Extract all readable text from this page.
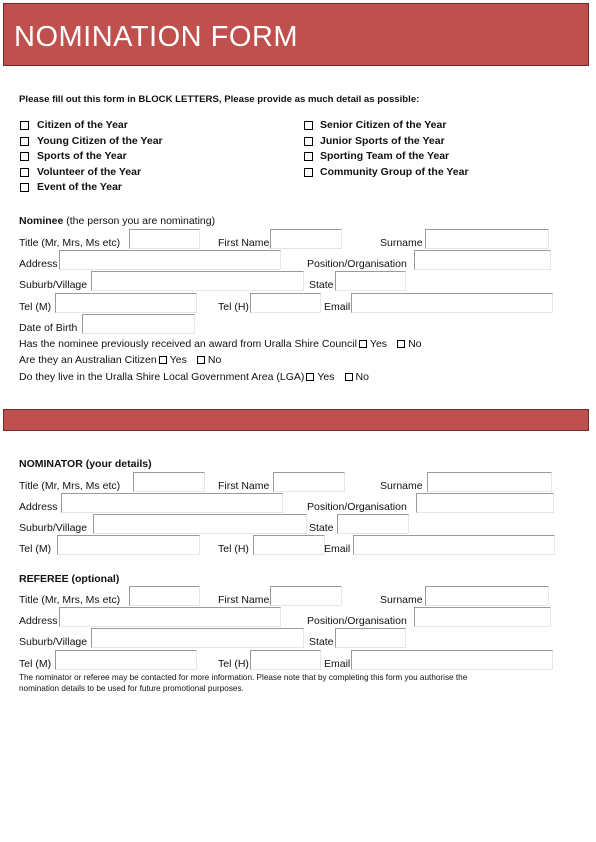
NOMINATION FORM
Please fill out this form in BLOCK LETTERS, Please provide as much detail as possible:
Citizen of the Year
Young Citizen of the Year
Sports of the Year
Volunteer of the Year
Event of the Year
Senior Citizen of the Year
Junior Sports of the Year
Sporting Team of the Year
Community Group of the Year
Nominee (the person you are nominating)
Title (Mr, Mrs, Ms etc)	First Name	Surname
Address	Position/Organisation
Suburb/Village	State
Tel (M)	Tel (H)	Email
Date of Birth
Has the nominee previously received an award from Uralla Shire Council Yes No
Are they an Australian Citizen Yes No
Do they live in the Uralla Shire Local Government Area (LGA) Yes No
NOMINATOR (your details)
Title (Mr, Mrs, Ms etc)	First Name	Surname
Address	Position/Organisation
Suburb/Village	State
Tel (M)	Tel (H)	Email
REFEREE (optional)
Title (Mr, Mrs, Ms etc)	First Name	Surname
Address	Position/Organisation
Suburb/Village	State
Tel (M)	Tel (H)	Email
The nominator or referee may be contacted for more information. Please note that by completing this form you authorise the
nomination details to be used for future promotional purposes.
